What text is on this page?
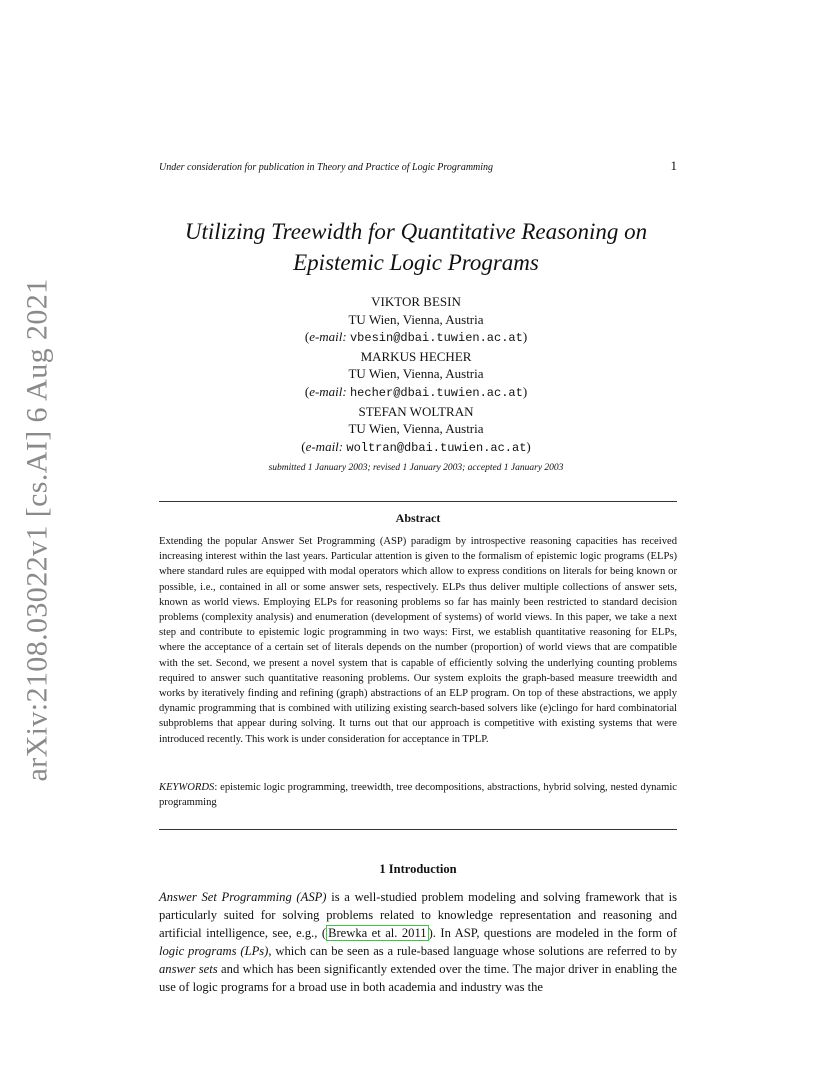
arXiv:2108.03022v1 [cs.AI] 6 Aug 2021
Under consideration for publication in Theory and Practice of Logic Programming	1
Utilizing Treewidth for Quantitative Reasoning on
Epistemic Logic Programs
VIKTOR BESIN
TU Wien, Vienna, Austria
(e-mail: vbesin@dbai.tuwien.ac.at)
MARKUS HECHER
TU Wien, Vienna, Austria
(e-mail: hecher@dbai.tuwien.ac.at)
STEFAN WOLTRAN
TU Wien, Vienna, Austria
(e-mail: woltran@dbai.tuwien.ac.at)
submitted 1 January 2003; revised 1 January 2003; accepted 1 January 2003
Abstract
Extending the popular Answer Set Programming (ASP) paradigm by introspective reasoning capacities has received increasing interest within the last years. Particular attention is given to the formalism of epistemic logic programs (ELPs) where standard rules are equipped with modal operators which allow to express conditions on literals for being known or possible, i.e., contained in all or some answer sets, respectively. ELPs thus deliver multiple collections of answer sets, known as world views. Employing ELPs for reasoning problems so far has mainly been restricted to standard decision problems (complexity analysis) and enumeration (development of systems) of world views. In this paper, we take a next step and contribute to epistemic logic programming in two ways: First, we establish quantitative reasoning for ELPs, where the acceptance of a certain set of literals depends on the number (proportion) of world views that are compatible with the set. Second, we present a novel system that is capable of efficiently solving the underlying counting problems required to answer such quantitative reasoning problems. Our system exploits the graph-based measure treewidth and works by iteratively finding and refining (graph) abstractions of an ELP program. On top of these abstractions, we apply dynamic programming that is combined with utilizing existing search-based solvers like (e)clingo for hard combinatorial subproblems that appear during solving. It turns out that our approach is competitive with existing systems that were introduced recently. This work is under consideration for acceptance in TPLP.
KEYWORDS: epistemic logic programming, treewidth, tree decompositions, abstractions, hybrid solving, nested dynamic programming
1 Introduction
Answer Set Programming (ASP) is a well-studied problem modeling and solving framework that is particularly suited for solving problems related to knowledge representation and reasoning and artificial intelligence, see, e.g., ( Brewka et al. 2011 ). In ASP, questions are modeled in the form of logic programs (LPs), which can be seen as a rule-based language whose solutions are referred to by answer sets and which has been significantly extended over the time. The major driver in enabling the use of logic programs for a broad use in both academia and industry was the
